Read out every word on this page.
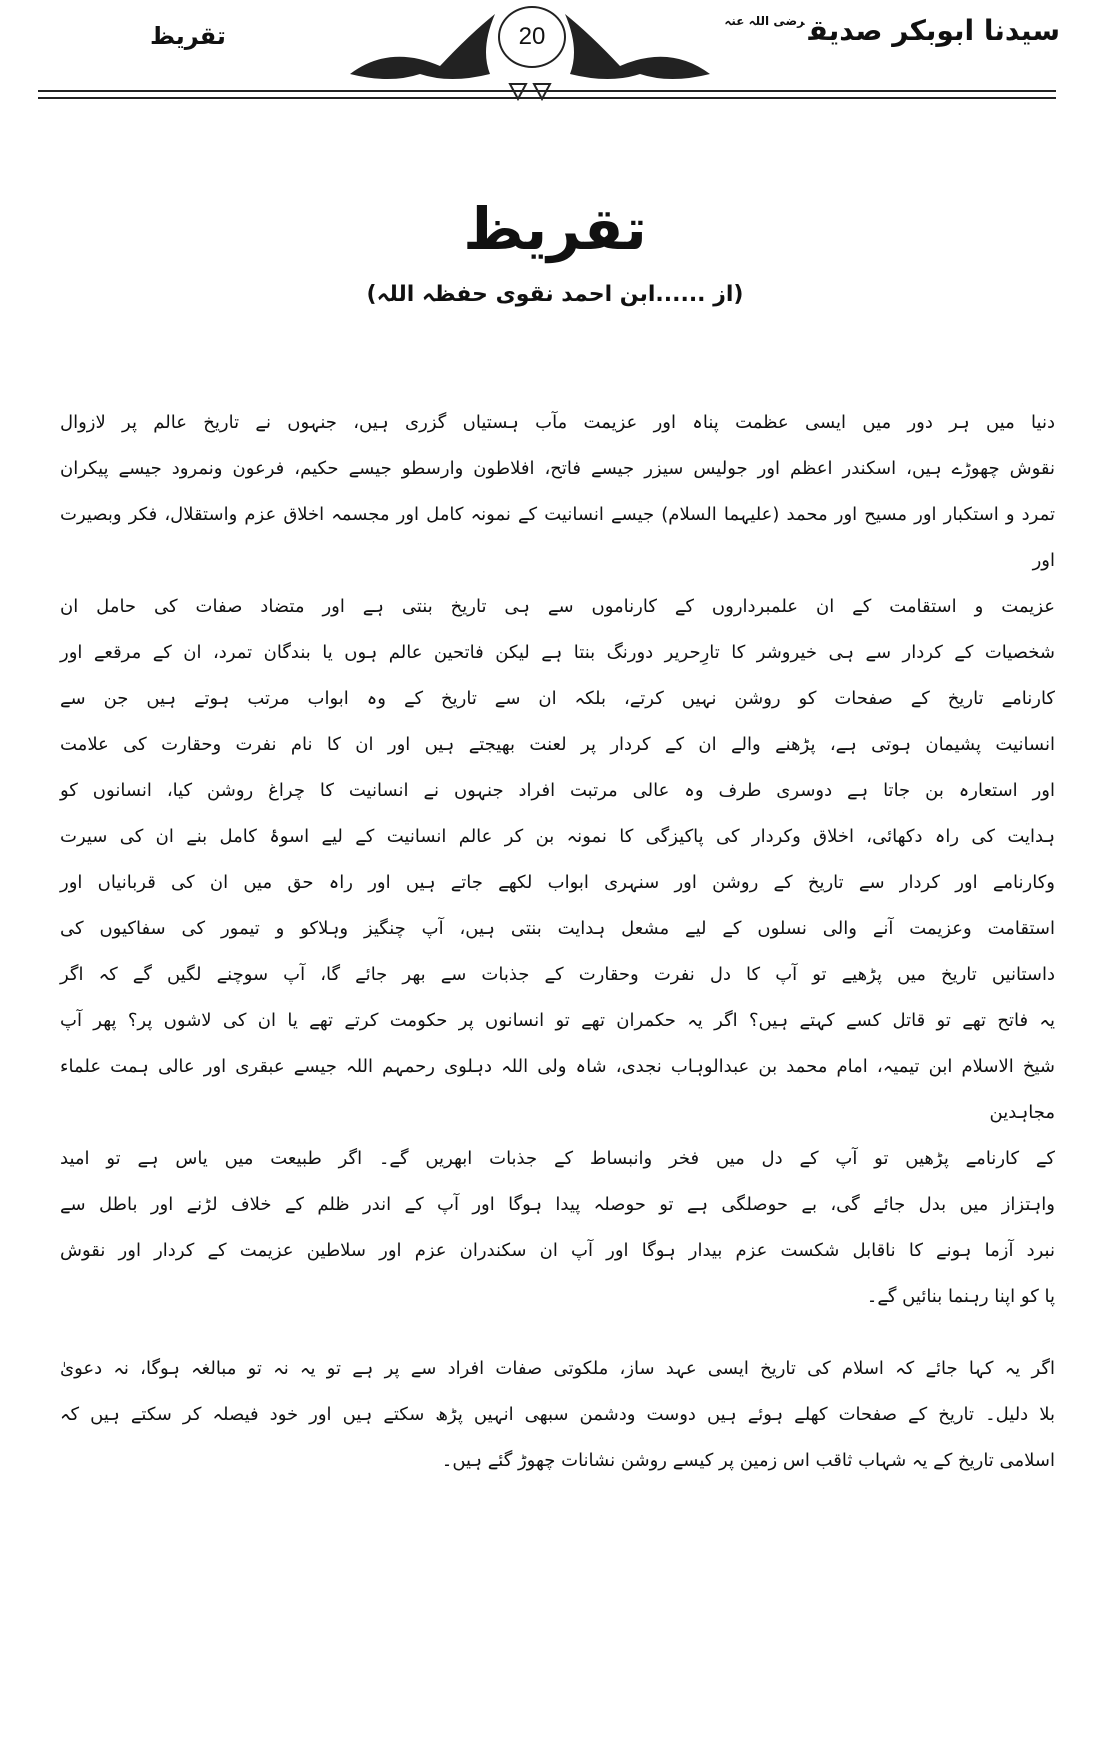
سیدنا ابوبکر صدیق$^{رضی اللہ عنہ}$
20
تقریظ
تقریظ
(از ......ابن احمد نقوی حفظہ اللہ)
دنیا میں ہر دور میں ایسی عظمت پناہ اور عزیمت مآب ہستیاں گزری ہیں، جنہوں نے تاریخ عالم پر لازوال
نقوش چھوڑے ہیں، اسکندر اعظم اور جولیس سیزر جیسے فاتح، افلاطون وارسطو جیسے حکیم، فرعون ونمرود جیسے پیکران
تمرد و استکبار اور مسیح اور محمد (علیہما السلام) جیسے انسانیت کے نمونہ کامل اور مجسمہ اخلاق عزم واستقلال، فکر وبصیرت اور
عزیمت و استقامت کے ان علمبرداروں کے کارناموں سے ہی تاریخ بنتی ہے اور متضاد صفات کی حامل ان
شخصیات کے کردار سے ہی خیروشر کا تارِحریر دورنگ بنتا ہے لیکن فاتحین عالم ہوں یا بندگان تمرد، ان کے مرقعے اور
کارنامے تاریخ کے صفحات کو روشن نہیں کرتے، بلکہ ان سے تاریخ کے وہ ابواب مرتب ہوتے ہیں جن سے
انسانیت پشیمان ہوتی ہے، پڑھنے والے ان کے کردار پر لعنت بھیجتے ہیں اور ان کا نام نفرت وحقارت کی علامت
اور استعارہ بن جاتا ہے دوسری طرف وہ عالی مرتبت افراد جنہوں نے انسانیت کا چراغ روشن کیا، انسانوں کو
ہدایت کی راہ دکھائی، اخلاق وکردار کی پاکیزگی کا نمونہ بن کر عالم انسانیت کے لیے اسوۂ کامل بنے ان کی سیرت
وکارنامے اور کردار سے تاریخ کے روشن اور سنہری ابواب لکھے جاتے ہیں اور راہ حق میں ان کی قربانیاں اور
استقامت وعزیمت آنے والی نسلوں کے لیے مشعل ہدایت بنتی ہیں، آپ چنگیز وہلاکو و تیمور کی سفاکیوں کی
داستانیں تاریخ میں پڑھیے تو آپ کا دل نفرت وحقارت کے جذبات سے بھر جائے گا، آپ سوچنے لگیں گے کہ اگر
یہ فاتح تھے تو قاتل کسے کہتے ہیں؟ اگر یہ حکمران تھے تو انسانوں پر حکومت کرتے تھے یا ان کی لاشوں پر؟ پھر آپ
شیخ الاسلام ابن تیمیہ، امام محمد بن عبدالوہاب نجدی، شاہ ولی اللہ دہلوی رحمہم اللہ جیسے عبقری اور عالی ہمت علماء مجاہدین
کے کارنامے پڑھیں تو آپ کے دل میں فخر وانبساط کے جذبات ابھریں گے۔ اگر طبیعت میں یاس ہے تو امید
واہتزاز میں بدل جائے گی، بے حوصلگی ہے تو حوصلہ پیدا ہوگا اور آپ کے اندر ظلم کے خلاف لڑنے اور باطل سے
نبرد آزما ہونے کا ناقابل شکست عزم بیدار ہوگا اور آپ ان سکندران عزم اور سلاطین عزیمت کے کردار اور نقوش
پا کو اپنا رہنما بنائیں گے۔
اگر یہ کہا جائے کہ اسلام کی تاریخ ایسی عہد ساز، ملکوتی صفات افراد سے پر ہے تو یہ نہ تو مبالغہ ہوگا، نہ دعویٰ
بلا دلیل۔ تاریخ کے صفحات کھلے ہوئے ہیں دوست ودشمن سبھی انہیں پڑھ سکتے ہیں اور خود فیصلہ کر سکتے ہیں کہ
اسلامی تاریخ کے یہ شہاب ثاقب اس زمین پر کیسے روشن نشانات چھوڑ گئے ہیں۔
